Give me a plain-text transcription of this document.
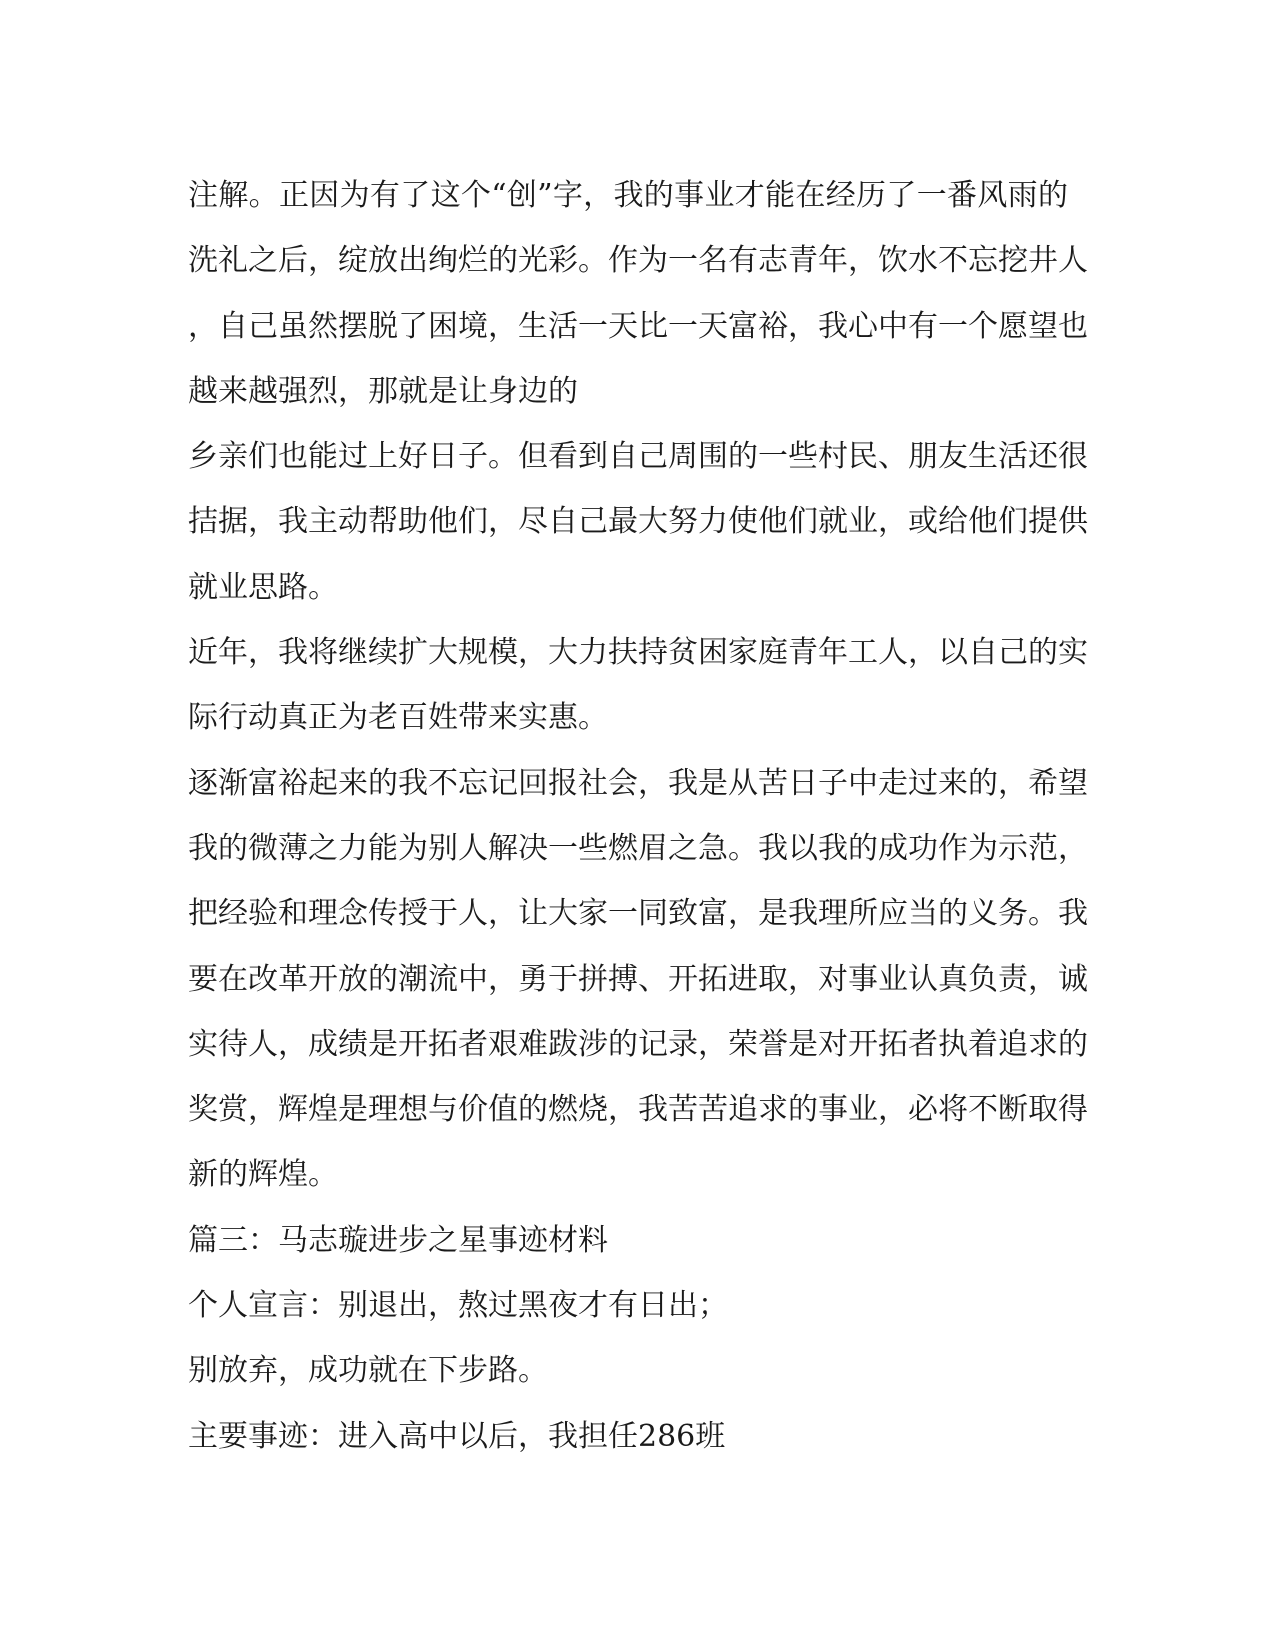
注解。正因为有了这个“创”字，我的事业才能在经历了一番风雨的
洗礼之后，绽放出绚烂的光彩。作为一名有志青年，饮水不忘挖井人
，自己虽然摆脱了困境，生活一天比一天富裕，我心中有一个愿望也
越来越强烈，那就是让身边的
乡亲们也能过上好日子。但看到自己周围的一些村民、朋友生活还很
拮据，我主动帮助他们，尽自己最大努力使他们就业，或给他们提供
就业思路。
近年，我将继续扩大规模，大力扶持贫困家庭青年工人，以自己的实
际行动真正为老百姓带来实惠。
逐渐富裕起来的我不忘记回报社会，我是从苦日子中走过来的，希望
我的微薄之力能为别人解决一些燃眉之急。我以我的成功作为示范，
把经验和理念传授于人，让大家一同致富，是我理所应当的义务。我
要在改革开放的潮流中，勇于拼搏、开拓进取，对事业认真负责，诚
实待人，成绩是开拓者艰难跋涉的记录，荣誉是对开拓者执着追求的
奖赏，辉煌是理想与价值的燃烧，我苦苦追求的事业，必将不断取得
新的辉煌。
篇三：马志璇进步之星事迹材料
个人宣言：别退出，熬过黑夜才有日出；
别放弃，成功就在下步路。
主要事迹：进入高中以后，我担任286班
